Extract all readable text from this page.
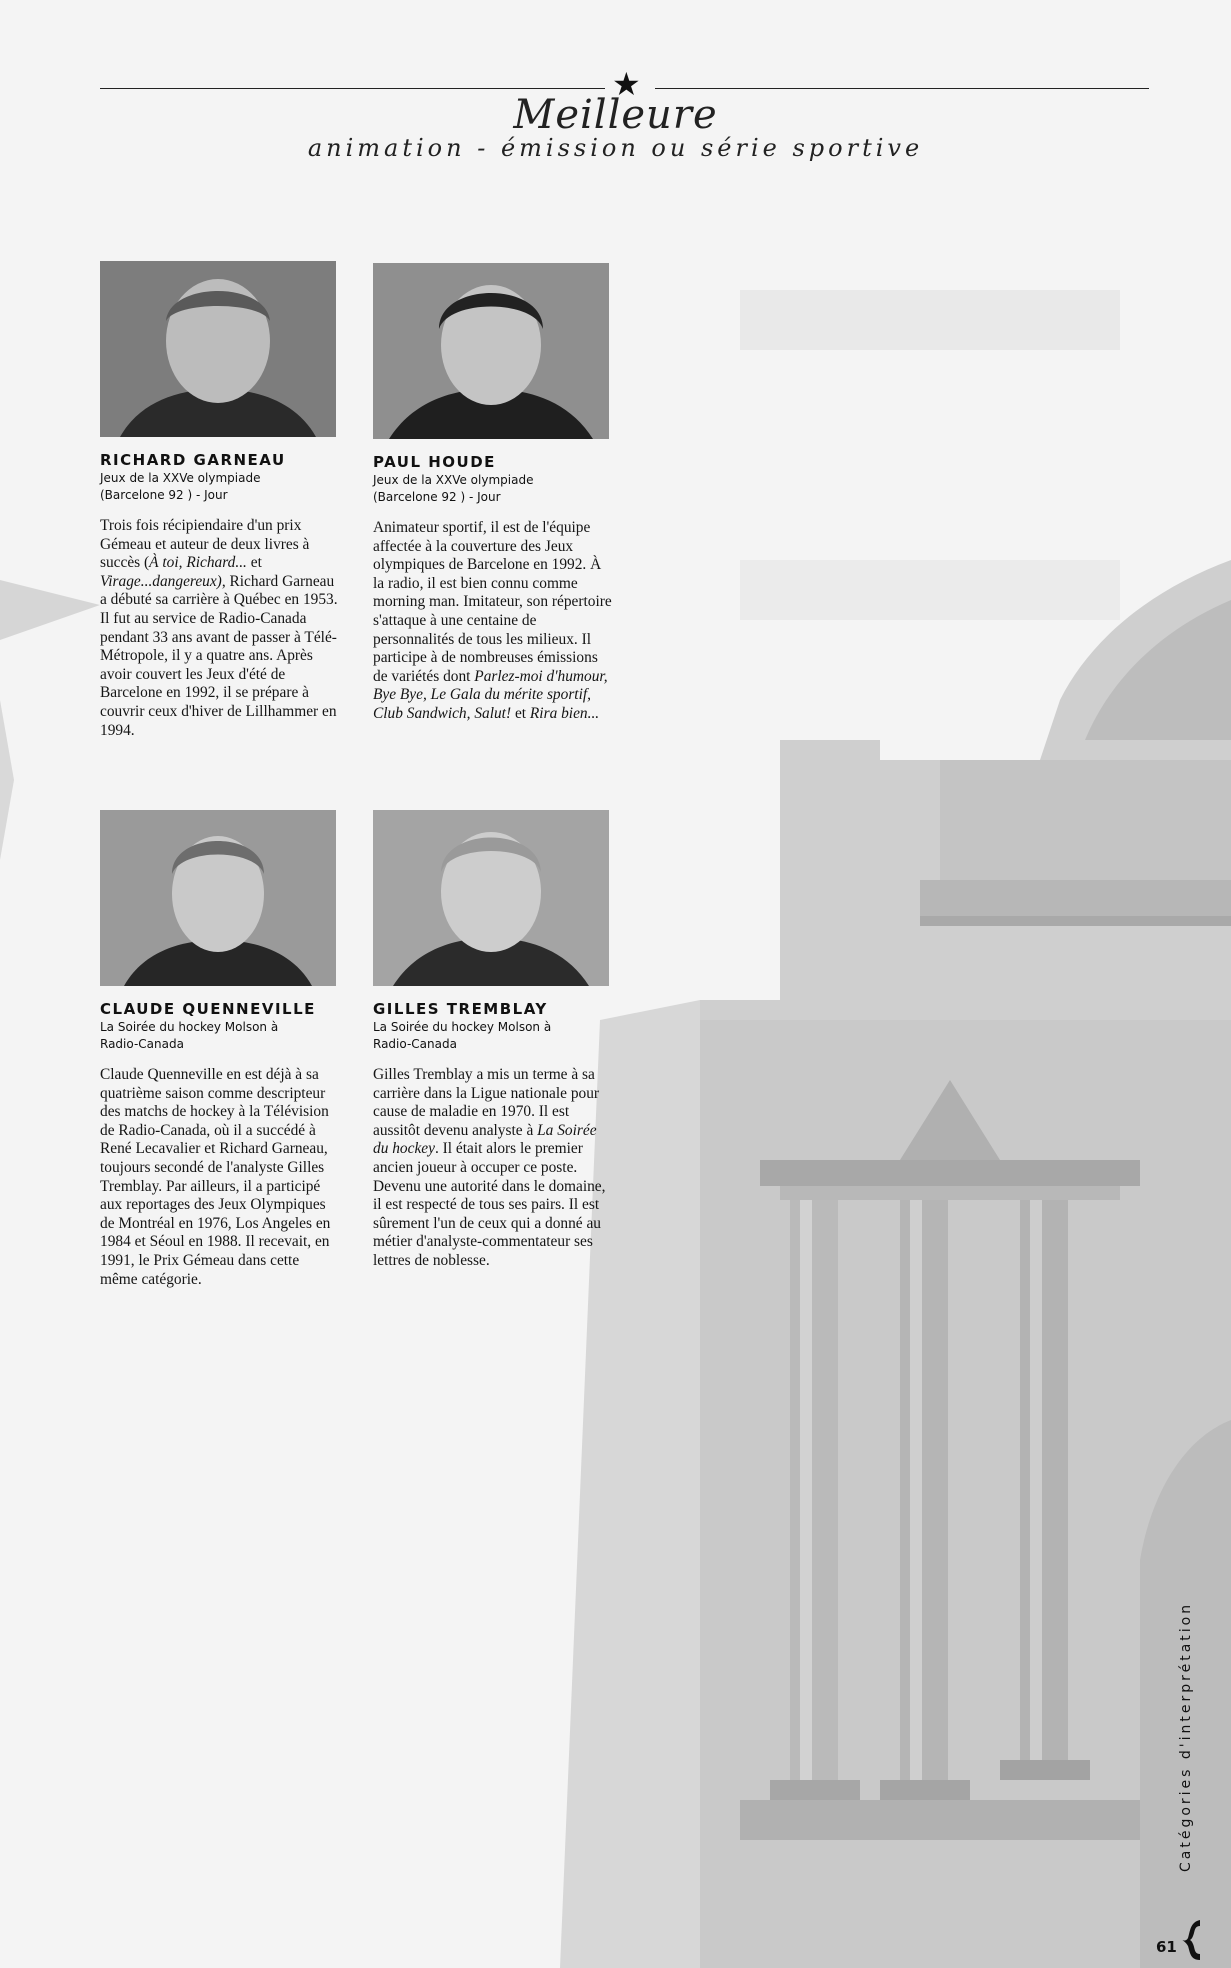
★
Meilleure
animation - émission ou série sportive
RICHARD GARNEAU
Jeux de la XXVe olympiade
(Barcelone 92 ) - Jour
Trois fois récipiendaire d'un prix Gémeau et auteur de deux livres à succès (À toi, Richard... et Virage...dangereux), Richard Garneau a débuté sa carrière à Québec en 1953. Il fut au service de Radio-Canada pendant 33 ans avant de passer à Télé-Métropole, il y a quatre ans. Après avoir couvert les Jeux d'été de Barcelone en 1992, il se prépare à couvrir ceux d'hiver de Lillhammer en 1994.
PAUL HOUDE
Jeux de la XXVe olympiade
(Barcelone 92 ) - Jour
Animateur sportif, il est de l'équipe affectée à la couverture des Jeux olympiques de Barcelone en 1992. À la radio, il est bien connu comme morning man. Imitateur, son répertoire s'attaque à une centaine de personnalités de tous les milieux. Il participe à de nombreuses émissions de variétés dont Parlez-moi d'humour, Bye Bye, Le Gala du mérite sportif, Club Sandwich, Salut! et Rira bien...
CLAUDE QUENNEVILLE
La Soirée du hockey Molson à
Radio-Canada
Claude Quenneville en est déjà à sa quatrième saison comme descripteur des matchs de hockey à la Télévision de Radio-Canada, où il a succédé à René Lecavalier et Richard Garneau, toujours secondé de l'analyste Gilles Tremblay. Par ailleurs, il a participé aux reportages des Jeux Olympiques de Montréal en 1976, Los Angeles en 1984 et Séoul en 1988. Il recevait, en 1991, le Prix Gémeau dans cette même catégorie.
GILLES TREMBLAY
La Soirée du hockey Molson à
Radio-Canada
Gilles Tremblay a mis un terme à sa carrière dans la Ligue nationale pour cause de maladie en 1970. Il est aussitôt devenu analyste à La Soirée du hockey. Il était alors le premier ancien joueur à occuper ce poste. Devenu une autorité dans le domaine, il est respecté de tous ses pairs. Il est sûrement l'un de ceux qui a donné au métier d'analyste-commentateur ses lettres de noblesse.
Catégories d'interprétation
61
